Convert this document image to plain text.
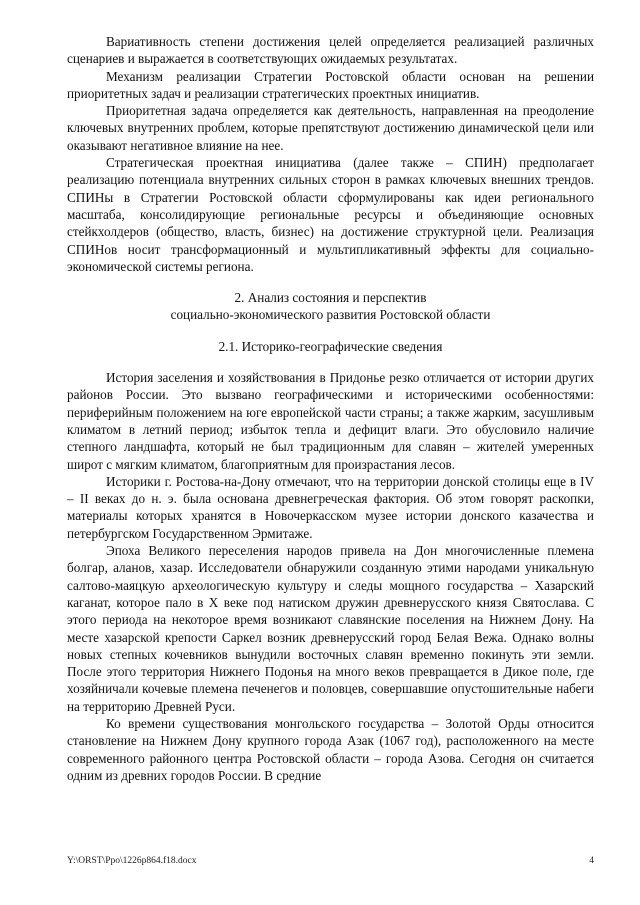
Вариативность степени достижения целей определяется реализацией различных сценариев и выражается в соответствующих ожидаемых результатах.

Механизм реализации Стратегии Ростовской области основан на решении приоритетных задач и реализации стратегических проектных инициатив.

Приоритетная задача определяется как деятельность, направленная на преодоление ключевых внутренних проблем, которые препятствуют достижению динамической цели или оказывают негативное влияние на нее.

Стратегическая проектная инициатива (далее также – СПИН) предполагает реализацию потенциала внутренних сильных сторон в рамках ключевых внешних трендов. СПИНы в Стратегии Ростовской области сформулированы как идеи регионального масштаба, консолидирующие региональные ресурсы и объединяющие основных стейкхолдеров (общество, власть, бизнес) на достижение структурной цели. Реализация СПИНов носит трансформационный и мультипликативный эффекты для социально-экономической системы региона.

2. Анализ состояния и перспектив
социально-экономического развития Ростовской области
2.1. Историко-географические сведения

История заселения и хозяйствования в Придонье резко отличается от истории других районов России. Это вызвано географическими и историческими особенностями: периферийным положением на юге европейской части страны; а также жарким, засушливым климатом в летний период; избыток тепла и дефицит влаги. Это обусловило наличие степного ландшафта, который не был традиционным для славян – жителей умеренных широт с мягким климатом, благоприятным для произрастания лесов.

Историки г. Ростова-на-Дону отмечают, что на территории донской столицы еще в IV – II веках до н. э. была основана древнегреческая фактория. Об этом говорят раскопки, материалы которых хранятся в Новочеркасском музее истории донского казачества и петербургском Государственном Эрмитаже.

Эпоха Великого переселения народов привела на Дон многочисленные племена болгар, аланов, хазар. Исследователи обнаружили созданную этими народами уникальную салтово-маяцкую археологическую культуру и следы мощного государства – Хазарский каганат, которое пало в X веке под натиском дружин древнерусского князя Святослава. С этого периода на некоторое время возникают славянские поселения на Нижнем Дону. На месте хазарской крепости Саркел возник древнерусский город Белая Вежа. Однако волны новых степных кочевников вынудили восточных славян временно покинуть эти земли. После этого территория Нижнего Подонья на много веков превращается в Дикое поле, где хозяйничали кочевые племена печенегов и половцев, совершавшие опустошительные набеги на территорию Древней Руси.

Ко времени существования монгольского государства – Золотой Орды относится становление на Нижнем Дону крупного города Азак (1067 год), расположенного на месте современного районного центра Ростовской области – города Азова. Сегодня он считается одним из древних городов России. В средние

Y:\ORST\Ppo\1226p864.f18.docx	4
